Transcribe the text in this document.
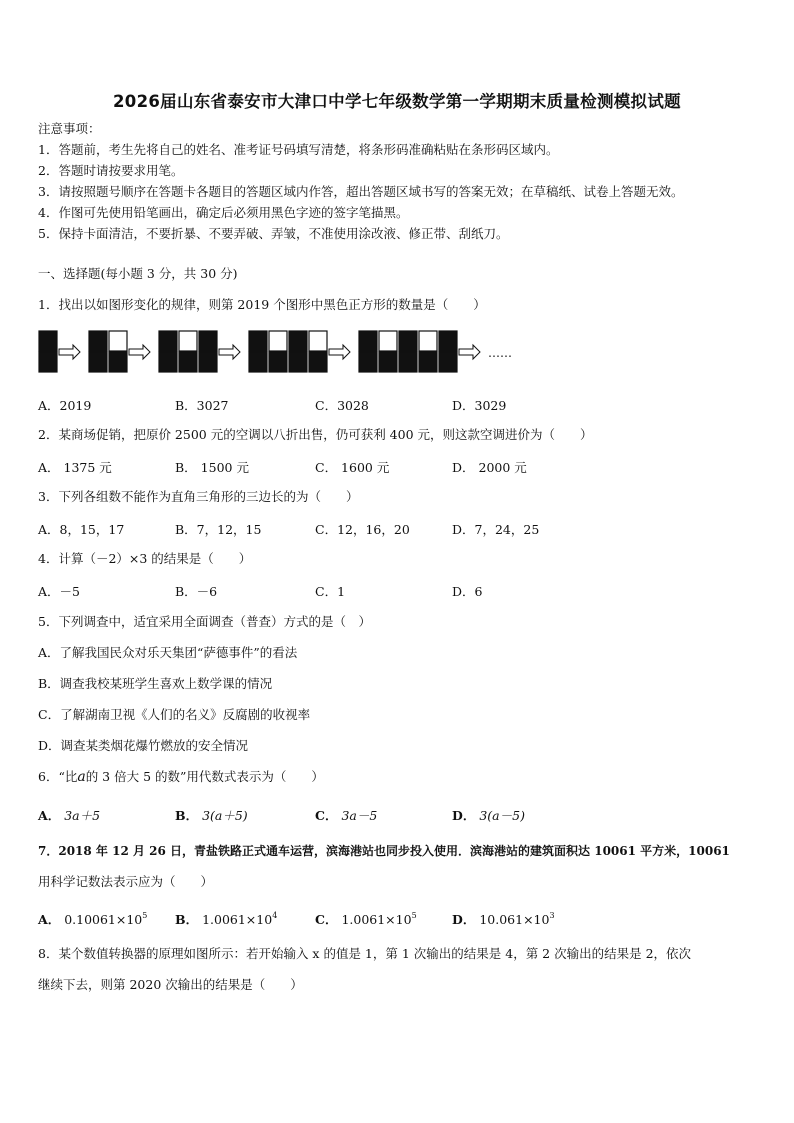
2026届山东省泰安市大津口中学七年级数学第一学期期末质量检测模拟试题
注意事项：
1．答题前，考生先将自己的姓名、准考证号码填写清楚，将条形码准确粘贴在条形码区域内。
2．答题时请按要求用笔。
3．请按照题号顺序在答题卡各题目的答题区域内作答，超出答题区域书写的答案无效；在草稿纸、试卷上答题无效。
4．作图可先使用铅笔画出，确定后必须用黑色字迹的签字笔描黑。
5．保持卡面清洁，不要折暴、不要弄破、弄皱，不准使用涂改液、修正带、刮纸刀。
一、选择题(每小题 3 分，共 30 分)
1．找出以如图形变化的规律，则第 2019 个图形中黑色正方形的数量是（　　）
……
A．2019	B．3027	C．3028	D．3029
2．某商场促销，把原价 2500 元的空调以八折出售，仍可获利 400 元，则这款空调进价为（　　）
A． 1375 元	B． 1500 元	C． 1600 元	D． 2000 元
3．下列各组数不能作为直角三角形的三边长的为（　　）
A．8，15，17	B．7，12，15	C．12，16，20	D．7，24，25
4．计算（－2）×3 的结果是（　　）
A．－5	B．－6	C．1	D．6
5．下列调查中，适宜采用全面调查（普查）方式的是（　）
A．了解我国民众对乐天集团“萨德事件”的看法
B．调查我校某班学生喜欢上数学课的情况
C．了解湖南卫视《人们的名义》反腐剧的收视率
D．调查某类烟花爆竹燃放的安全情况
6．“比a的 3 倍大 5 的数”用代数式表示为（　　）
A． 3a＋5	B． 3(a＋5)	C． 3a－5	D． 3(a－5)
7．2018 年 12 月 26 日，青盐铁路正式通车运营，滨海港站也同步投入使用．滨海港站的建筑面积达 10061 平方米，10061
用科学记数法表示应为（　　）
A． $0.10061\times 10^5$ B． $1.0061\times 10^4$	C． $1.0061\times 10^5$	D． $10.061\times 10^3$
8．某个数值转换器的原理如图所示：若开始输入 x 的值是 1，第 1 次输出的结果是 4，第 2 次输出的结果是 2，依次
继续下去，则第 2020 次输出的结果是（　　）
